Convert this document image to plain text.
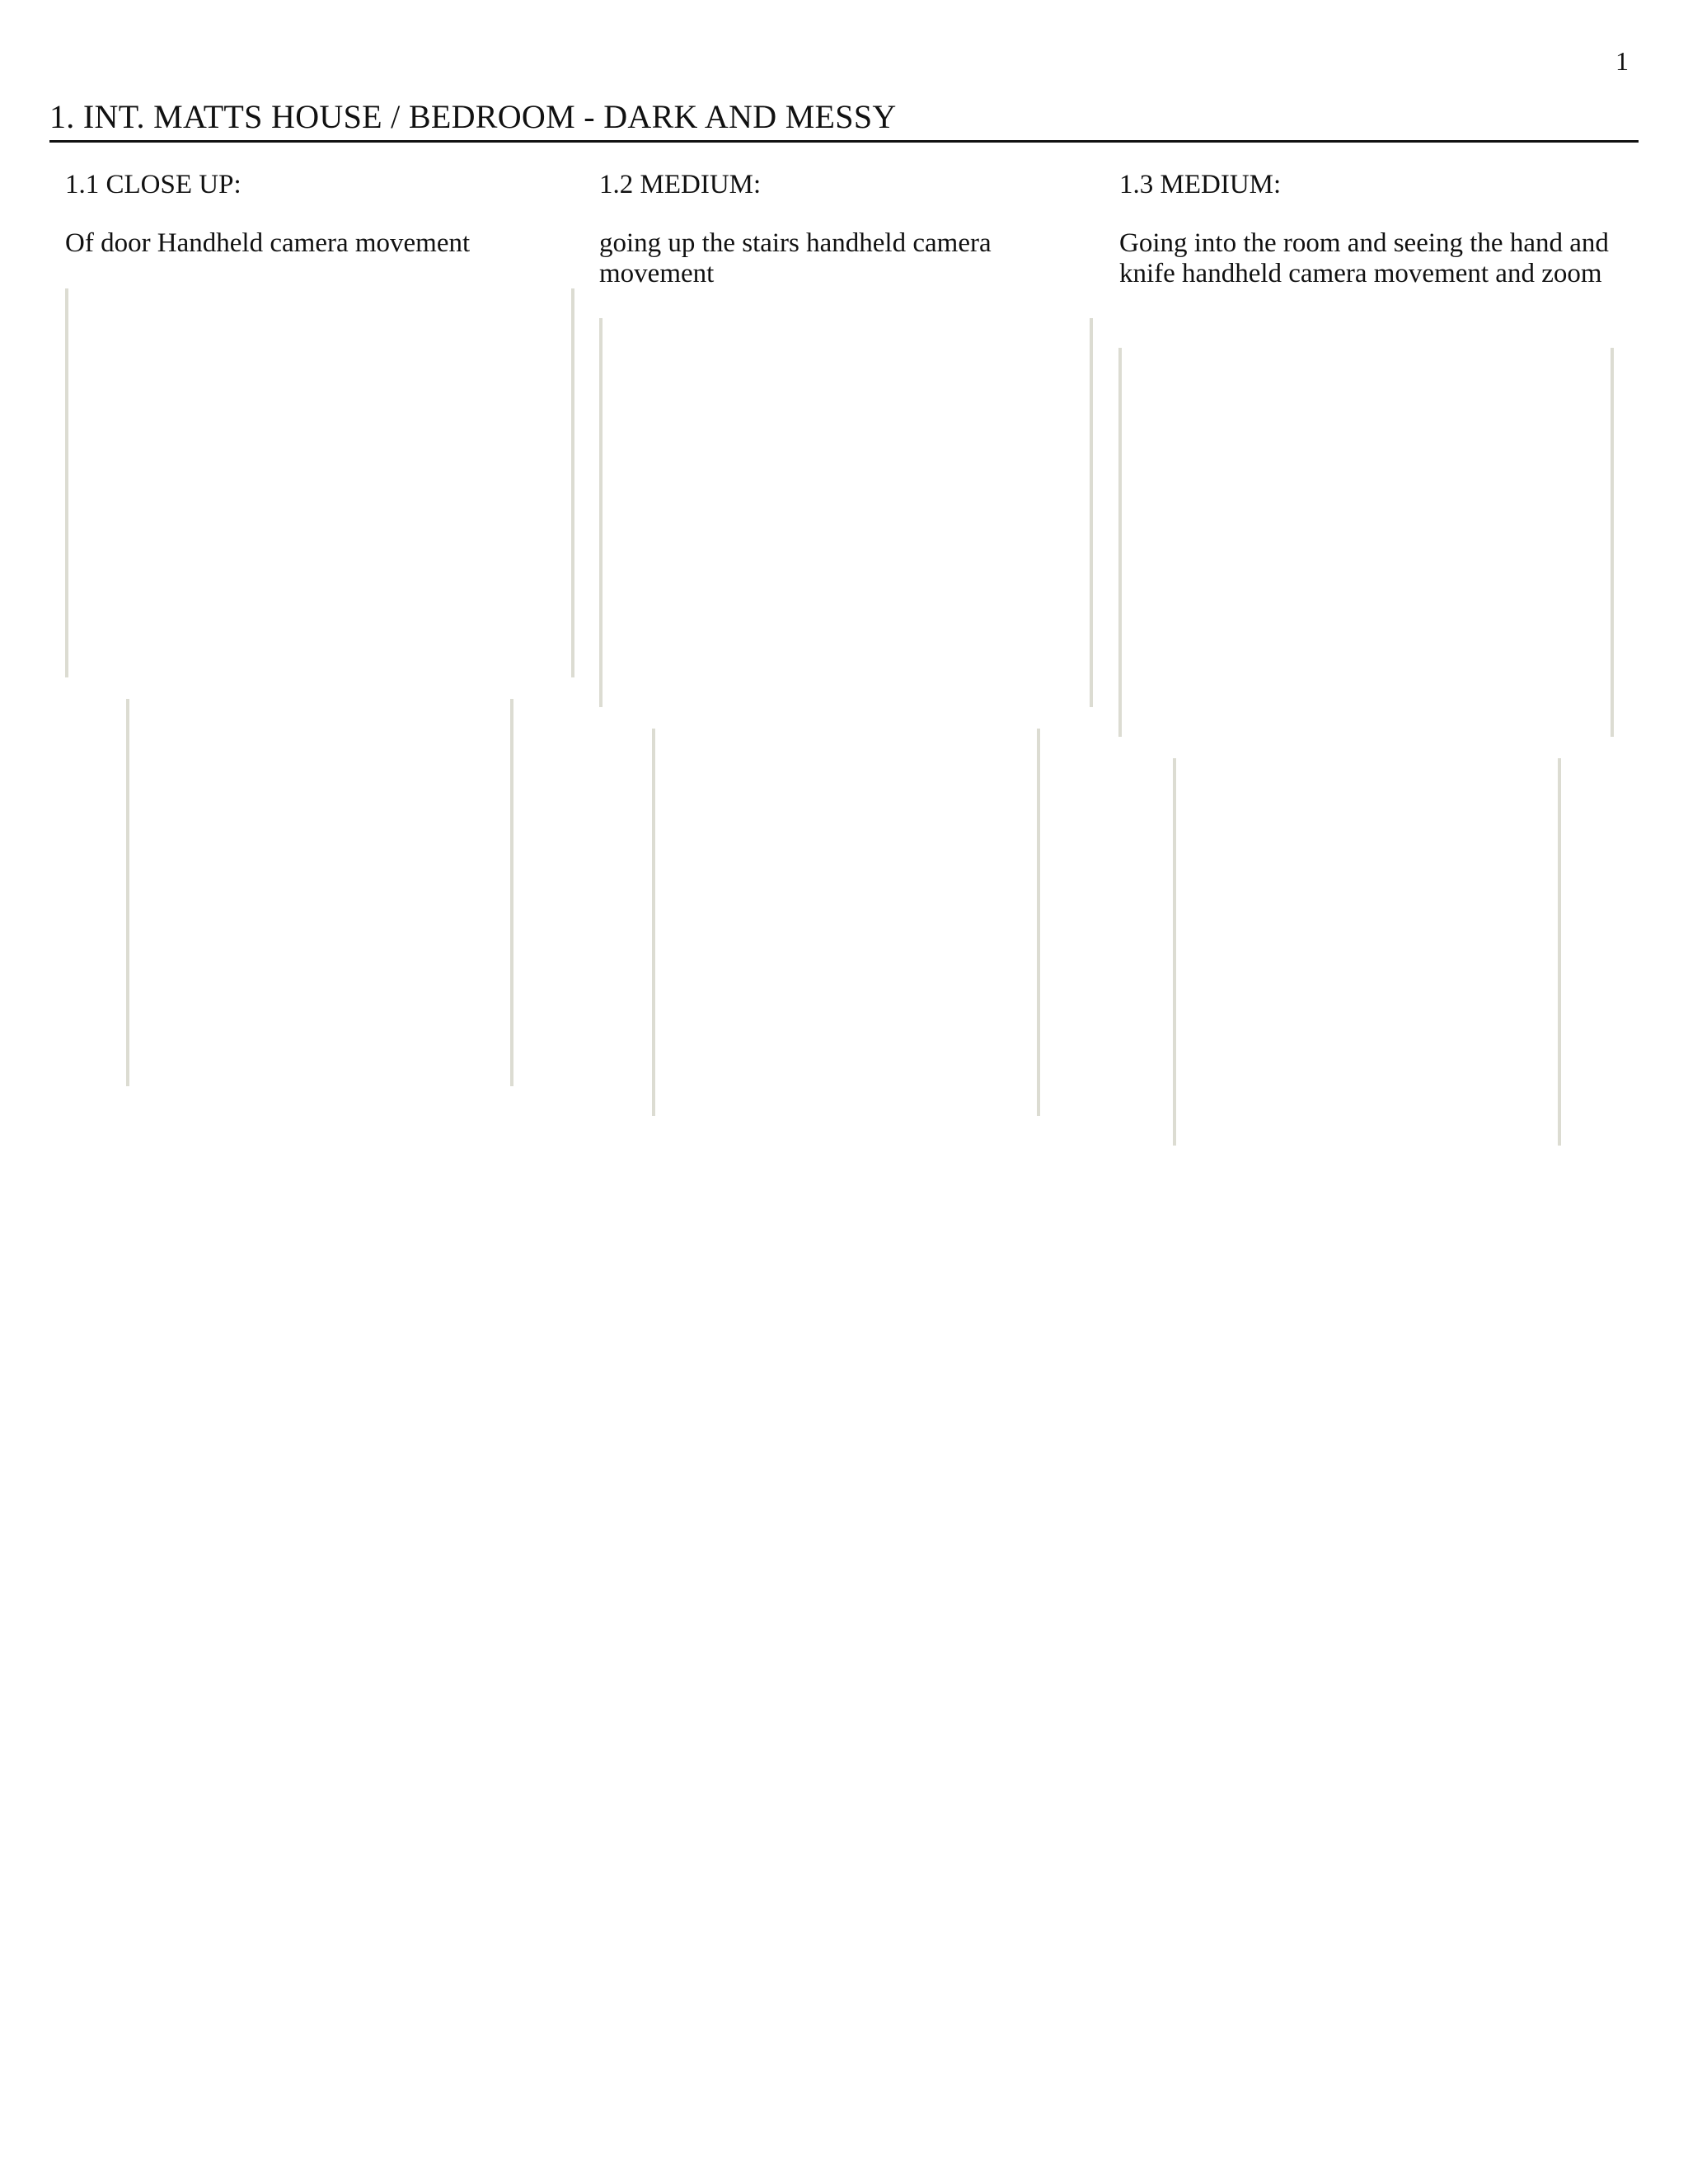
1
1. INT. MATTS HOUSE / BEDROOM - DARK AND MESSY

1.1 CLOSE UP:

Of door Handheld camera movement

1.2 MEDIUM:

going up the stairs handheld camera movement

1.3 MEDIUM:

Going into the room and seeing the hand and knife handheld camera movement and zoom
